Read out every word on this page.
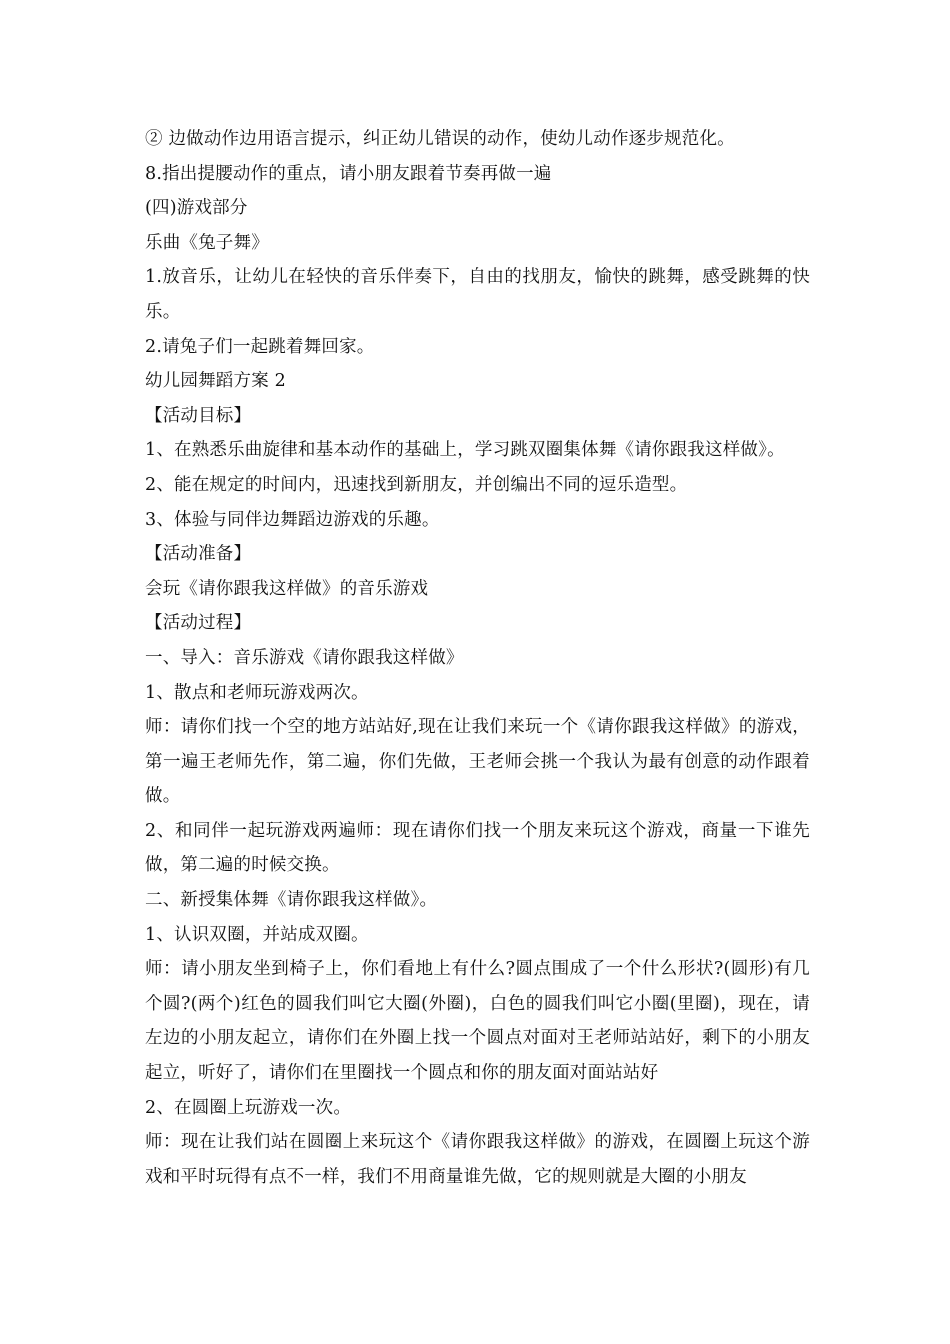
② 边做动作边用语言提示，纠正幼儿错误的动作，使幼儿动作逐步规范化。

8.指出提腰动作的重点，请小朋友跟着节奏再做一遍

(四)游戏部分

乐曲《兔子舞》

1.放音乐，让幼儿在轻快的音乐伴奏下，自由的找朋友，愉快的跳舞，感受跳舞的快乐。

2.请兔子们一起跳着舞回家。

幼儿园舞蹈方案 2

【活动目标】

1、在熟悉乐曲旋律和基本动作的基础上，学习跳双圈集体舞《请你跟我这样做》。

2、能在规定的时间内，迅速找到新朋友，并创编出不同的逗乐造型。

3、体验与同伴边舞蹈边游戏的乐趣。

【活动准备】

会玩《请你跟我这样做》的音乐游戏

【活动过程】

一、导入：音乐游戏《请你跟我这样做》

1、散点和老师玩游戏两次。

师：请你们找一个空的地方站站好,现在让我们来玩一个《请你跟我这样做》的游戏，第一遍王老师先作，第二遍，你们先做，王老师会挑一个我认为最有创意的动作跟着做。

2、和同伴一起玩游戏两遍师：现在请你们找一个朋友来玩这个游戏，商量一下谁先做，第二遍的时候交换。

二、新授集体舞《请你跟我这样做》。

1、认识双圈，并站成双圈。

师：请小朋友坐到椅子上，你们看地上有什么?圆点围成了一个什么形状?(圆形)有几个圆?(两个)红色的圆我们叫它大圈(外圈)，白色的圆我们叫它小圈(里圈)，现在，请左边的小朋友起立，请你们在外圈上找一个圆点对面对王老师站站好，剩下的小朋友起立，听好了，请你们在里圈找一个圆点和你的朋友面对面站站好

2、在圆圈上玩游戏一次。

师：现在让我们站在圆圈上来玩这个《请你跟我这样做》的游戏，在圆圈上玩这个游戏和平时玩得有点不一样，我们不用商量谁先做，它的规则就是大圈的小朋友
